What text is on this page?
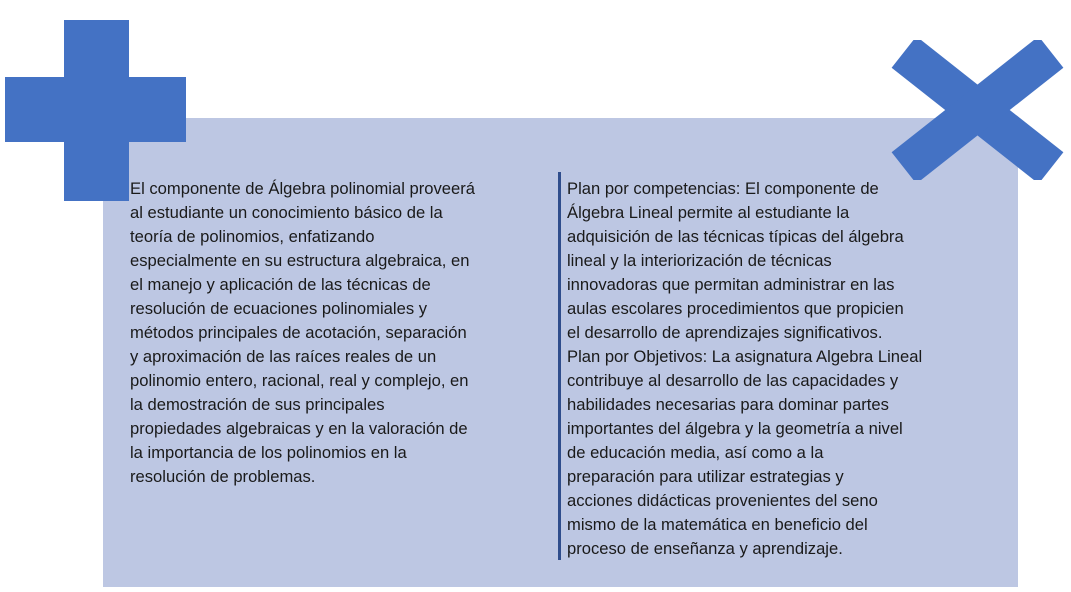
El componente de Álgebra polinomial proveerá
al estudiante un conocimiento básico de la
teoría de polinomios, enfatizando
especialmente en su estructura algebraica, en
el manejo y aplicación de las técnicas de
resolución de ecuaciones polinomiales y
métodos principales de acotación, separación
y aproximación de las raíces reales de un
polinomio entero, racional, real y complejo, en
la demostración de sus principales
propiedades algebraicas y en la valoración de
la importancia de los polinomios en la
resolución de problemas.
Plan por competencias: El componente de
Álgebra Lineal permite al estudiante la
adquisición de las técnicas típicas del álgebra
lineal y la interiorización de técnicas
innovadoras que permitan administrar en las
aulas escolares procedimientos que propicien
el desarrollo de aprendizajes significativos.
Plan por Objetivos: La asignatura Algebra Lineal
contribuye al desarrollo de las capacidades y
habilidades necesarias para dominar partes
importantes del álgebra y la geometría a nivel
de educación media, así como a la
preparación para utilizar estrategias y
acciones didácticas provenientes del seno
mismo de la matemática en beneficio del
proceso de enseñanza y aprendizaje.
